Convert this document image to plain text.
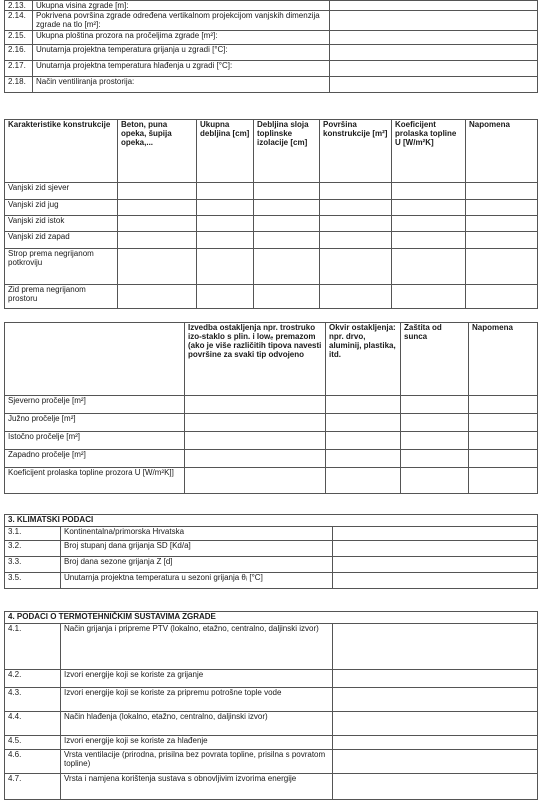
2.13.	Ukupna visina zgrade [m]:	
2.14.	Pokrivena površina zgrade određena vertikalnom projekcijom vanjskih dimenzija zgrade na tlo [m²]:	
2.15.	Ukupna ploština prozora na pročeljima zgrade [m²]:	
2.16.	Unutarnja projektna temperatura grijanja u zgradi [°C]:	
2.17.	Unutarnja projektna temperatura hlađenja u zgradi [°C]:	
2.18.	Način ventiliranja prostorija:	
Karakteristike konstrukcije	Beton, puna opeka, šupija opeka,...	Ukupna debljina [cm]	Debljina sloja toplinske izolacije [cm]	Površina konstrukcije [m²]	Koeficijent prolaska topline U [W/m²K]	Napomena
Vanjski zid sjever						
Vanjski zid jug						
Vanjski zid istok						
Vanjski zid zapad						
Strop prema negrijanom potkroviju						
Zid prema negrijanom prostoru						
	Izvedba ostakljenja npr. trostruko izo-staklo s plin. i lowₑ premazom (ako je više različitih tipova navesti površine za svaki tip odvojeno	Okvir ostakljenja: npr. drvo, aluminij, plastika, itd.	Zaštita od sunca	Napomena
Sjeverno pročelje [m²]				
Južno pročelje [m²]				
Istočno pročelje [m²]				
Zapadno pročelje [m²]				
Koeficijent prolaska topline prozora U [W/m²K]]				
3. KLIMATSKI PODACI		
3.1.	Kontinentalna/primorska Hrvatska	
3.2.	Broj stupanj dana grijanja SD [Kd/a]	
3.3.	Broj dana sezone grijanja Z [d]	
3.5.	Unutarnja projektna temperatura u sezoni grijanja θᵢ [°C]	
4. PODACI O TERMOTEHNIČKIM SUSTAVIMA ZGRADE		
4.1.	Način grijanja i pripreme PTV (lokalno, etažno, centralno, daljinski izvor)	
4.2.	Izvori energije koji se koriste za grijanje	
4.3.	Izvori energije koji se koriste za pripremu potrošne tople vode	
4.4.	Način hlađenja (lokalno, etažno, centralno, daljinski izvor)	
4.5.	Izvori energije koji se koriste za hlađenje	
4.6.	Vrsta ventilacije (prirodna, prisilna bez povrata topline, prisilna s povratom topline)	
4.7.	Vrsta i namjena korištenja sustava s obnovljivim izvorima energije	
